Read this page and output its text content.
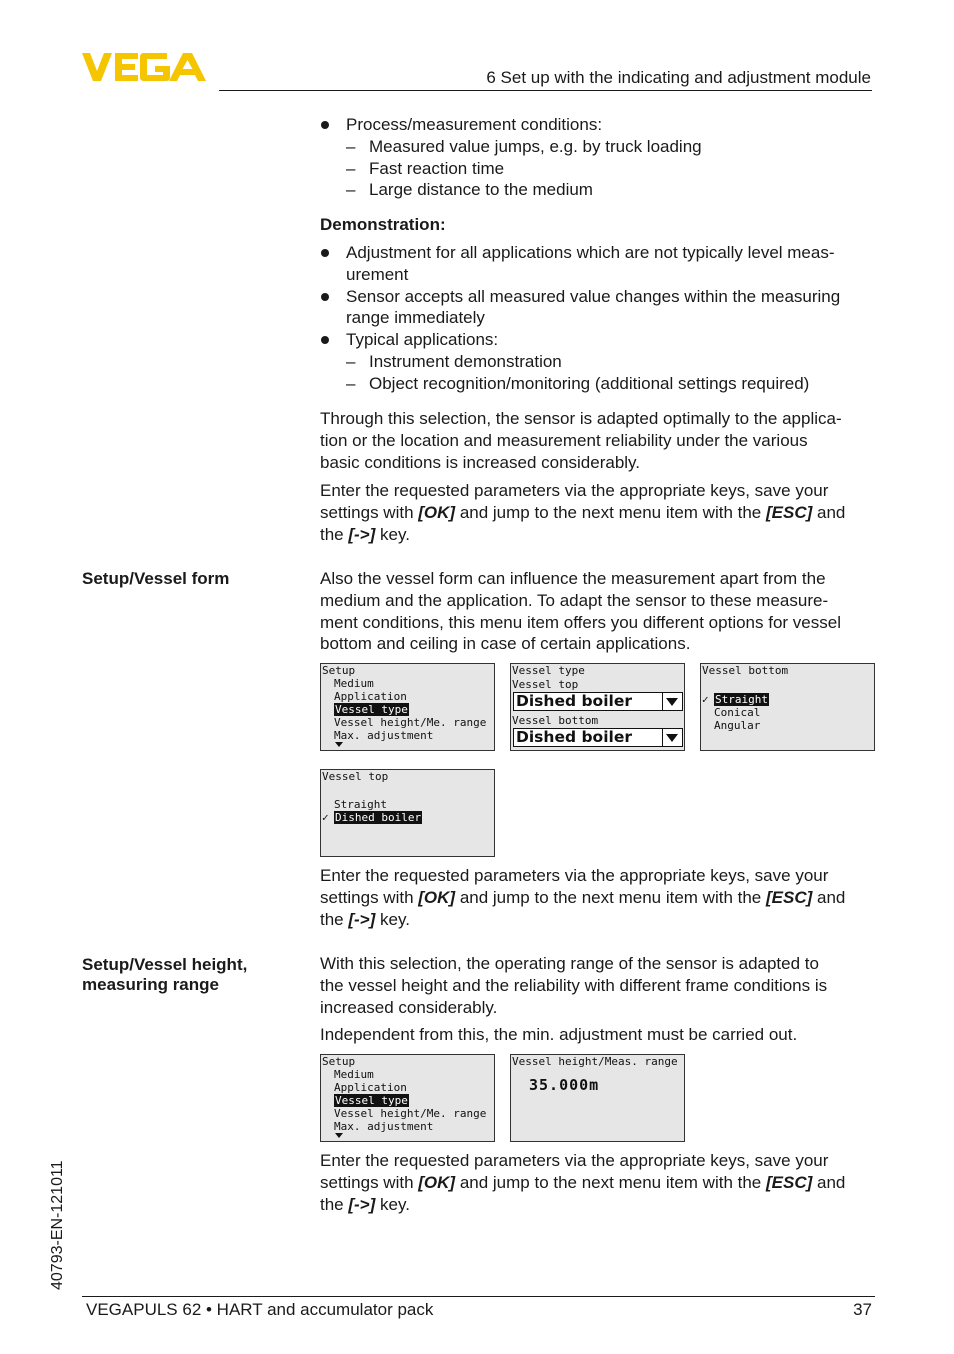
6 Set up with the indicating and adjustment module
Process/measurement conditions:
– Measured value jumps, e.g. by truck loading
– Fast reaction time
– Large distance to the medium
Demonstration:
Adjustment for all applications which are not typically level meas-
urement
Sensor accepts all measured value changes within the measuring
range immediately
Typical applications:
– Instrument demonstration
– Object recognition/monitoring (additional settings required)
Through this selection, the sensor is adapted optimally to the applica-
tion or the location and measurement reliability under the various
basic conditions is increased considerably.
Enter the requested parameters via the appropriate keys, save your
settings with [OK] and jump to the next menu item with the [ESC] and
the [->] key.
Setup/Vessel form	Also the vessel form can influence the measurement apart from the
medium and the application. To adapt the sensor to these measure-
ment conditions, this menu item offers you different options for vessel
bottom and ceiling in case of certain applications.
Setup
Medium
Application
Vessel type
Vessel height/Me. range
Max. adjustment
Vessel type
Vessel top
Dished boiler
Vessel bottom
Dished boiler
Vessel bottom
✓ Straight
Conical
Angular
Vessel top
Straight
✓ Dished boiler
Enter the requested parameters via the appropriate keys, save your
settings with [OK] and jump to the next menu item with the [ESC] and
the [->] key.
Setup/Vessel height,
measuring range
With this selection, the operating range of the sensor is adapted to
the vessel height and the reliability with different frame conditions is
increased considerably.
Independent from this, the min. adjustment must be carried out.
Setup
Medium
Application
Vessel type
Vessel height/Me. range
Max. adjustment
Vessel height/Meas. range
35.000m
Enter the requested parameters via the appropriate keys, save your
settings with [OK] and jump to the next menu item with the [ESC] and
the [->] key.
40793-EN-121011
VEGAPULS 62 • HART and accumulator pack	37
